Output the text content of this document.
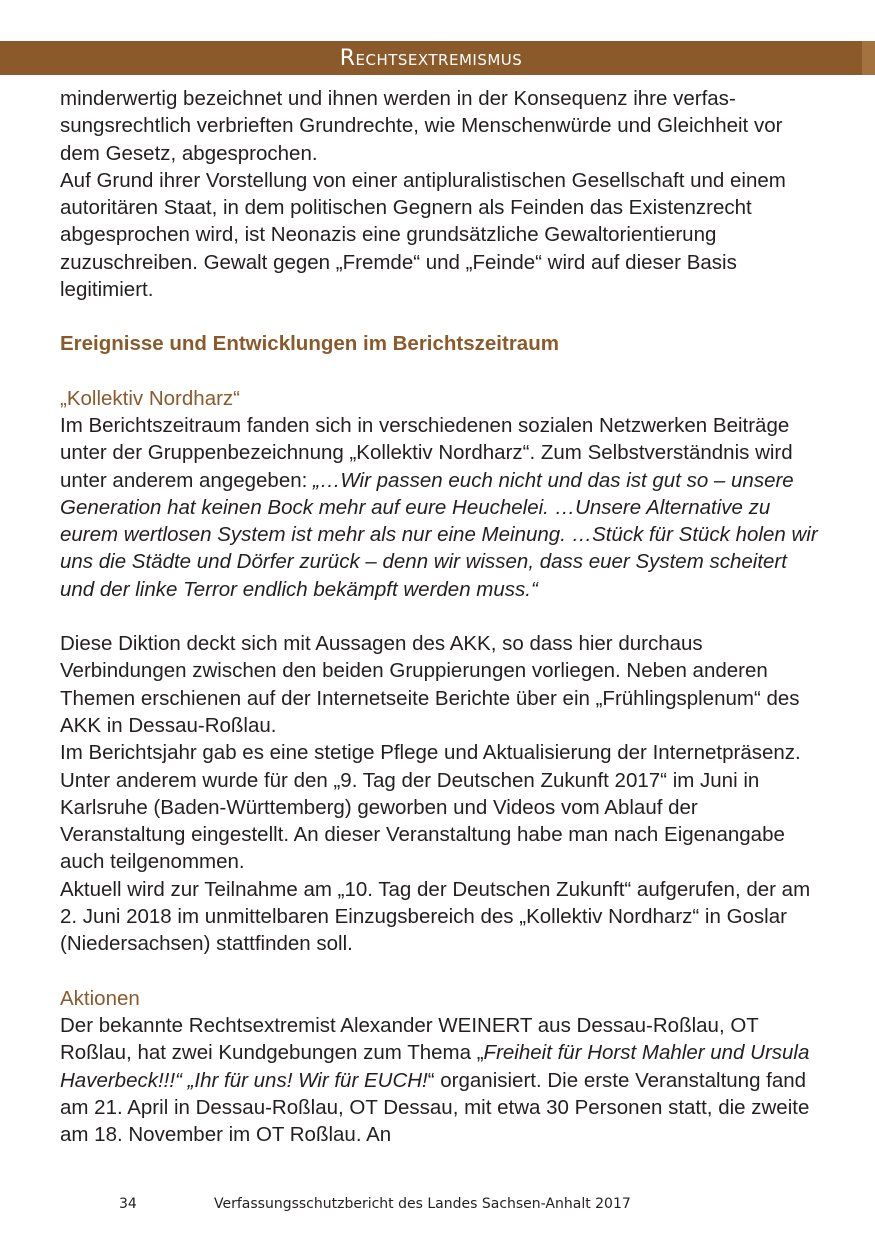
Rechtsextremismus

minderwertig bezeichnet und ihnen werden in der Konsequenz ihre verfassungsrechtlich verbrieften Grundrechte, wie Menschenwürde und Gleichheit vor dem Gesetz, abgesprochen.

Auf Grund ihrer Vorstellung von einer antipluralistischen Gesellschaft und einem autoritären Staat, in dem politischen Gegnern als Feinden das Existenzrecht abgesprochen wird, ist Neonazis eine grundsätzliche Gewaltorientierung zuzuschreiben. Gewalt gegen „Fremde“ und „Feinde“ wird auf dieser Basis legitimiert.

Ereignisse und Entwicklungen im Berichtszeitraum

„Kollektiv Nordharz“

Im Berichtszeitraum fanden sich in verschiedenen sozialen Netzwerken Beiträge unter der Gruppenbezeichnung „Kollektiv Nordharz“. Zum Selbstverständnis wird unter anderem angegeben: „…Wir passen euch nicht und das ist gut so – unsere Generation hat keinen Bock mehr auf eure Heuchelei. …Unsere Alternative zu eurem wertlosen System ist mehr als nur eine Meinung. …Stück für Stück holen wir uns die Städte und Dörfer zurück – denn wir wissen, dass euer System scheitert und der linke Terror endlich bekämpft werden muss.“

Diese Diktion deckt sich mit Aussagen des AKK, so dass hier durchaus Verbindungen zwischen den beiden Gruppierungen vorliegen. Neben anderen Themen erschienen auf der Internetseite Berichte über ein „Frühlingsplenum“ des AKK in Dessau-Roßlau.

Im Berichtsjahr gab es eine stetige Pflege und Aktualisierung der Internetpräsenz. Unter anderem wurde für den „9. Tag der Deutschen Zukunft 2017“ im Juni in Karlsruhe (Baden-Württemberg) geworben und Videos vom Ablauf der Veranstaltung eingestellt. An dieser Veranstaltung habe man nach Eigenangabe auch teilgenommen.

Aktuell wird zur Teilnahme am „10. Tag der Deutschen Zukunft“ aufgerufen, der am 2. Juni 2018 im unmittelbaren Einzugsbereich des „Kollektiv Nordharz“ in Goslar (Niedersachsen) stattfinden soll.

Aktionen

Der bekannte Rechtsextremist Alexander WEINERT aus Dessau-Roßlau, OT Roßlau, hat zwei Kundgebungen zum Thema „Freiheit für Horst Mahler und Ursula Haverbeck!!!“ „Ihr für uns! Wir für EUCH!“ organisiert. Die erste Veranstaltung fand am 21. April in Dessau-Roßlau, OT Dessau, mit etwa 30 Personen statt, die zweite am 18. November im OT Roßlau. An

34	Verfassungsschutzbericht des Landes Sachsen-Anhalt 2017
